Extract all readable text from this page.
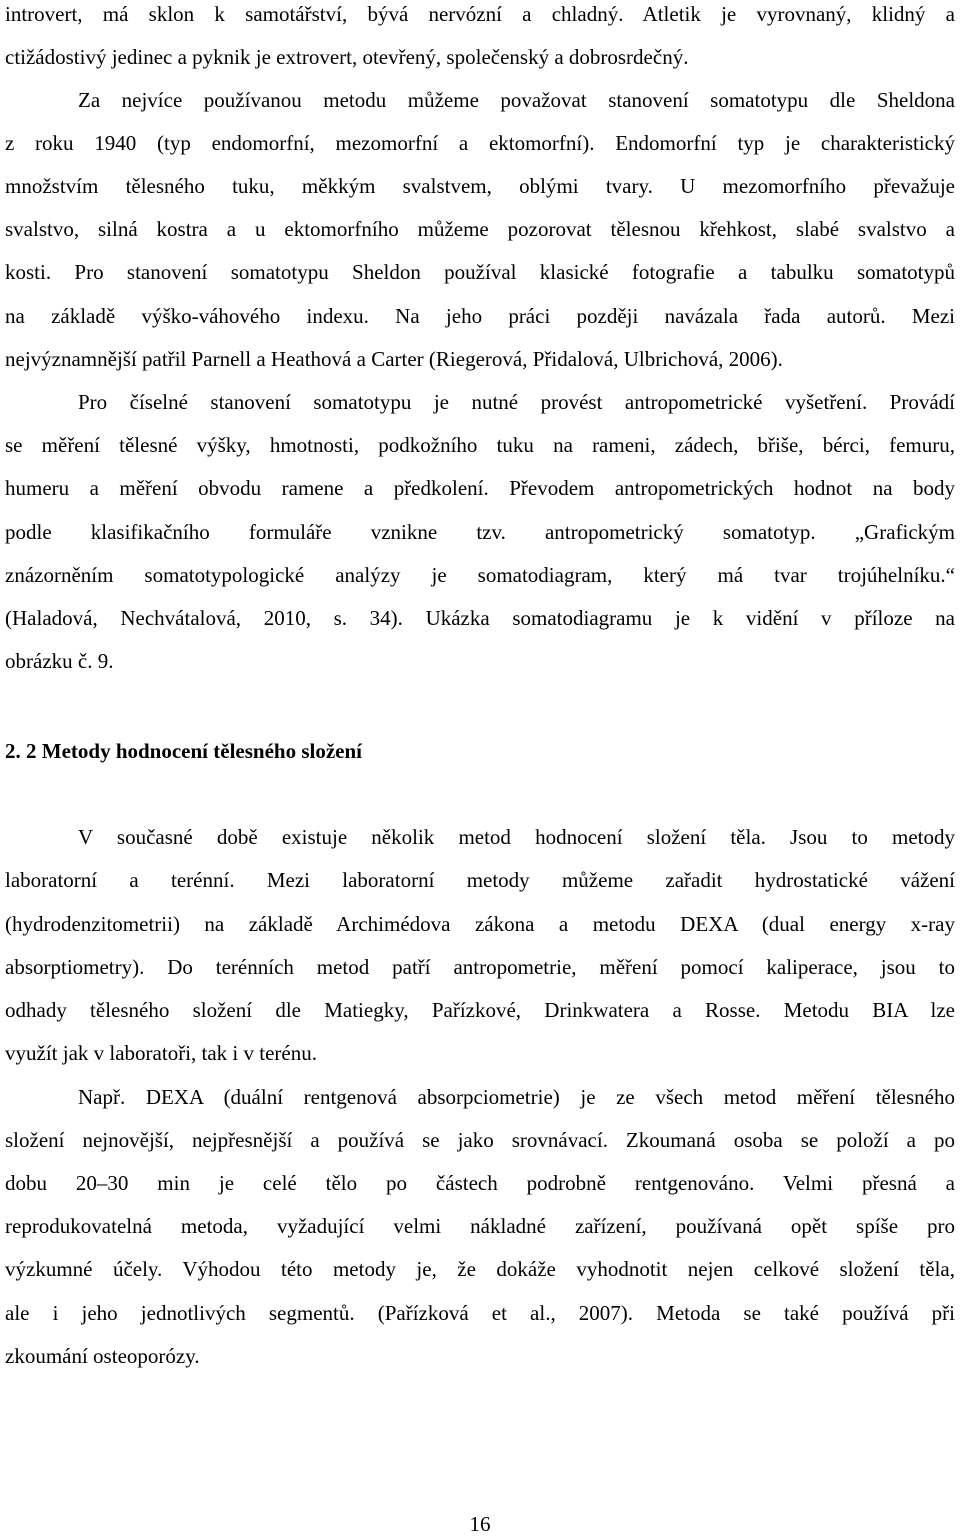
introvert, má sklon k samotářství, bývá nervózní a chladný. Atletik je vyrovnaný, klidný a
ctižádostivý jedinec a pyknik je extrovert, otevřený, společenský a dobrosrdečný.
Za nejvíce používanou metodu můžeme považovat stanovení somatotypu dle Sheldona
z roku 1940 (typ endomorfní, mezomorfní a ektomorfní). Endomorfní typ je charakteristický
množstvím tělesného tuku, měkkým svalstvem, oblými tvary. U mezomorfního převažuje
svalstvo, silná kostra a u ektomorfního můžeme pozorovat tělesnou křehkost, slabé svalstvo a
kosti. Pro stanovení somatotypu Sheldon používal klasické fotografie a tabulku somatotypů
na základě výško-váhového indexu. Na jeho práci později navázala řada autorů. Mezi
nejvýznamnější patřil Parnell a Heathová a Carter (Riegerová, Přidalová, Ulbrichová, 2006).
Pro číselné stanovení somatotypu je nutné provést antropometrické vyšetření. Provádí
se měření tělesné výšky, hmotnosti, podkožního tuku na rameni, zádech, břiše, bérci, femuru,
humeru a měření obvodu ramene a předkolení. Převodem antropometrických hodnot na body
podle klasifikačního formuláře vznikne tzv. antropometrický somatotyp. „Grafickým
znázorněním somatotypologické analýzy je somatodiagram, který má tvar trojúhelníku.“
(Haladová, Nechvátalová, 2010, s. 34). Ukázka somatodiagramu je k vidění v příloze na
obrázku č. 9.
2. 2 Metody hodnocení tělesného složení
V současné době existuje několik metod hodnocení složení těla. Jsou to metody
laboratorní a terénní. Mezi laboratorní metody můžeme zařadit hydrostatické vážení
(hydrodenzitometrii) na základě Archimédova zákona a metodu DEXA (dual energy x-ray
absorptiometry). Do terénních metod patří antropometrie, měření pomocí kaliperace, jsou to
odhady tělesného složení dle Matiegky, Pařízkové, Drinkwatera a Rosse. Metodu BIA lze
využít jak v laboratoři, tak i v terénu.
Např. DEXA (duální rentgenová absorpciometrie) je ze všech metod měření tělesného
složení nejnovější, nejpřesnější a používá se jako srovnávací. Zkoumaná osoba se položí a po
dobu 20–30 min je celé tělo po částech podrobně rentgenováno. Velmi přesná a
reprodukovatelná metoda, vyžadující velmi nákladné zařízení, používaná opět spíše pro
výzkumné účely. Výhodou této metody je, že dokáže vyhodnotit nejen celkové složení těla,
ale i jeho jednotlivých segmentů. (Pařízková et al., 2007). Metoda se také používá při
zkoumání osteoporózy.
16
